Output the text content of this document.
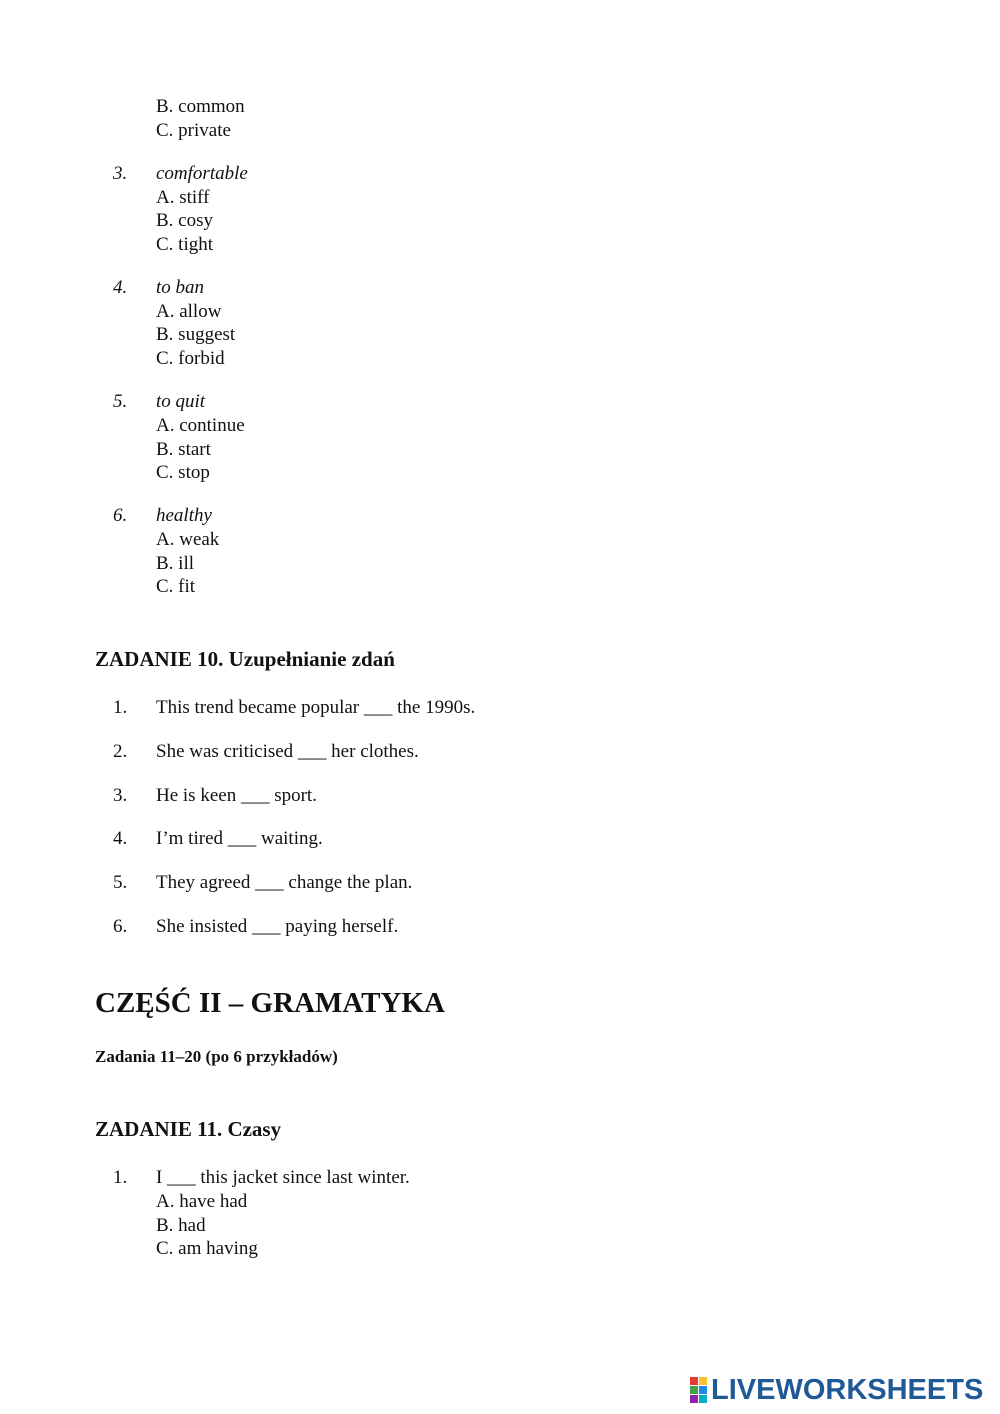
B. common
C. private
3. comfortable
A. stiff
B. cosy
C. tight
4. to ban
A. allow
B. suggest
C. forbid
5. to quit
A. continue
B. start
C. stop
6. healthy
A. weak
B. ill
C. fit
ZADANIE 10. Uzupełnianie zdań
1. This trend became popular ___ the 1990s.
2. She was criticised ___ her clothes.
3. He is keen ___ sport.
4. I’m tired ___ waiting.
5. They agreed ___ change the plan.
6. She insisted ___ paying herself.
CZĘŚĆ II – GRAMATYKA
Zadania 11–20 (po 6 przykładów)
ZADANIE 11. Czasy
1. I ___ this jacket since last winter.
A. have had
B. had
C. am having
LIVEWORKSHEETS
